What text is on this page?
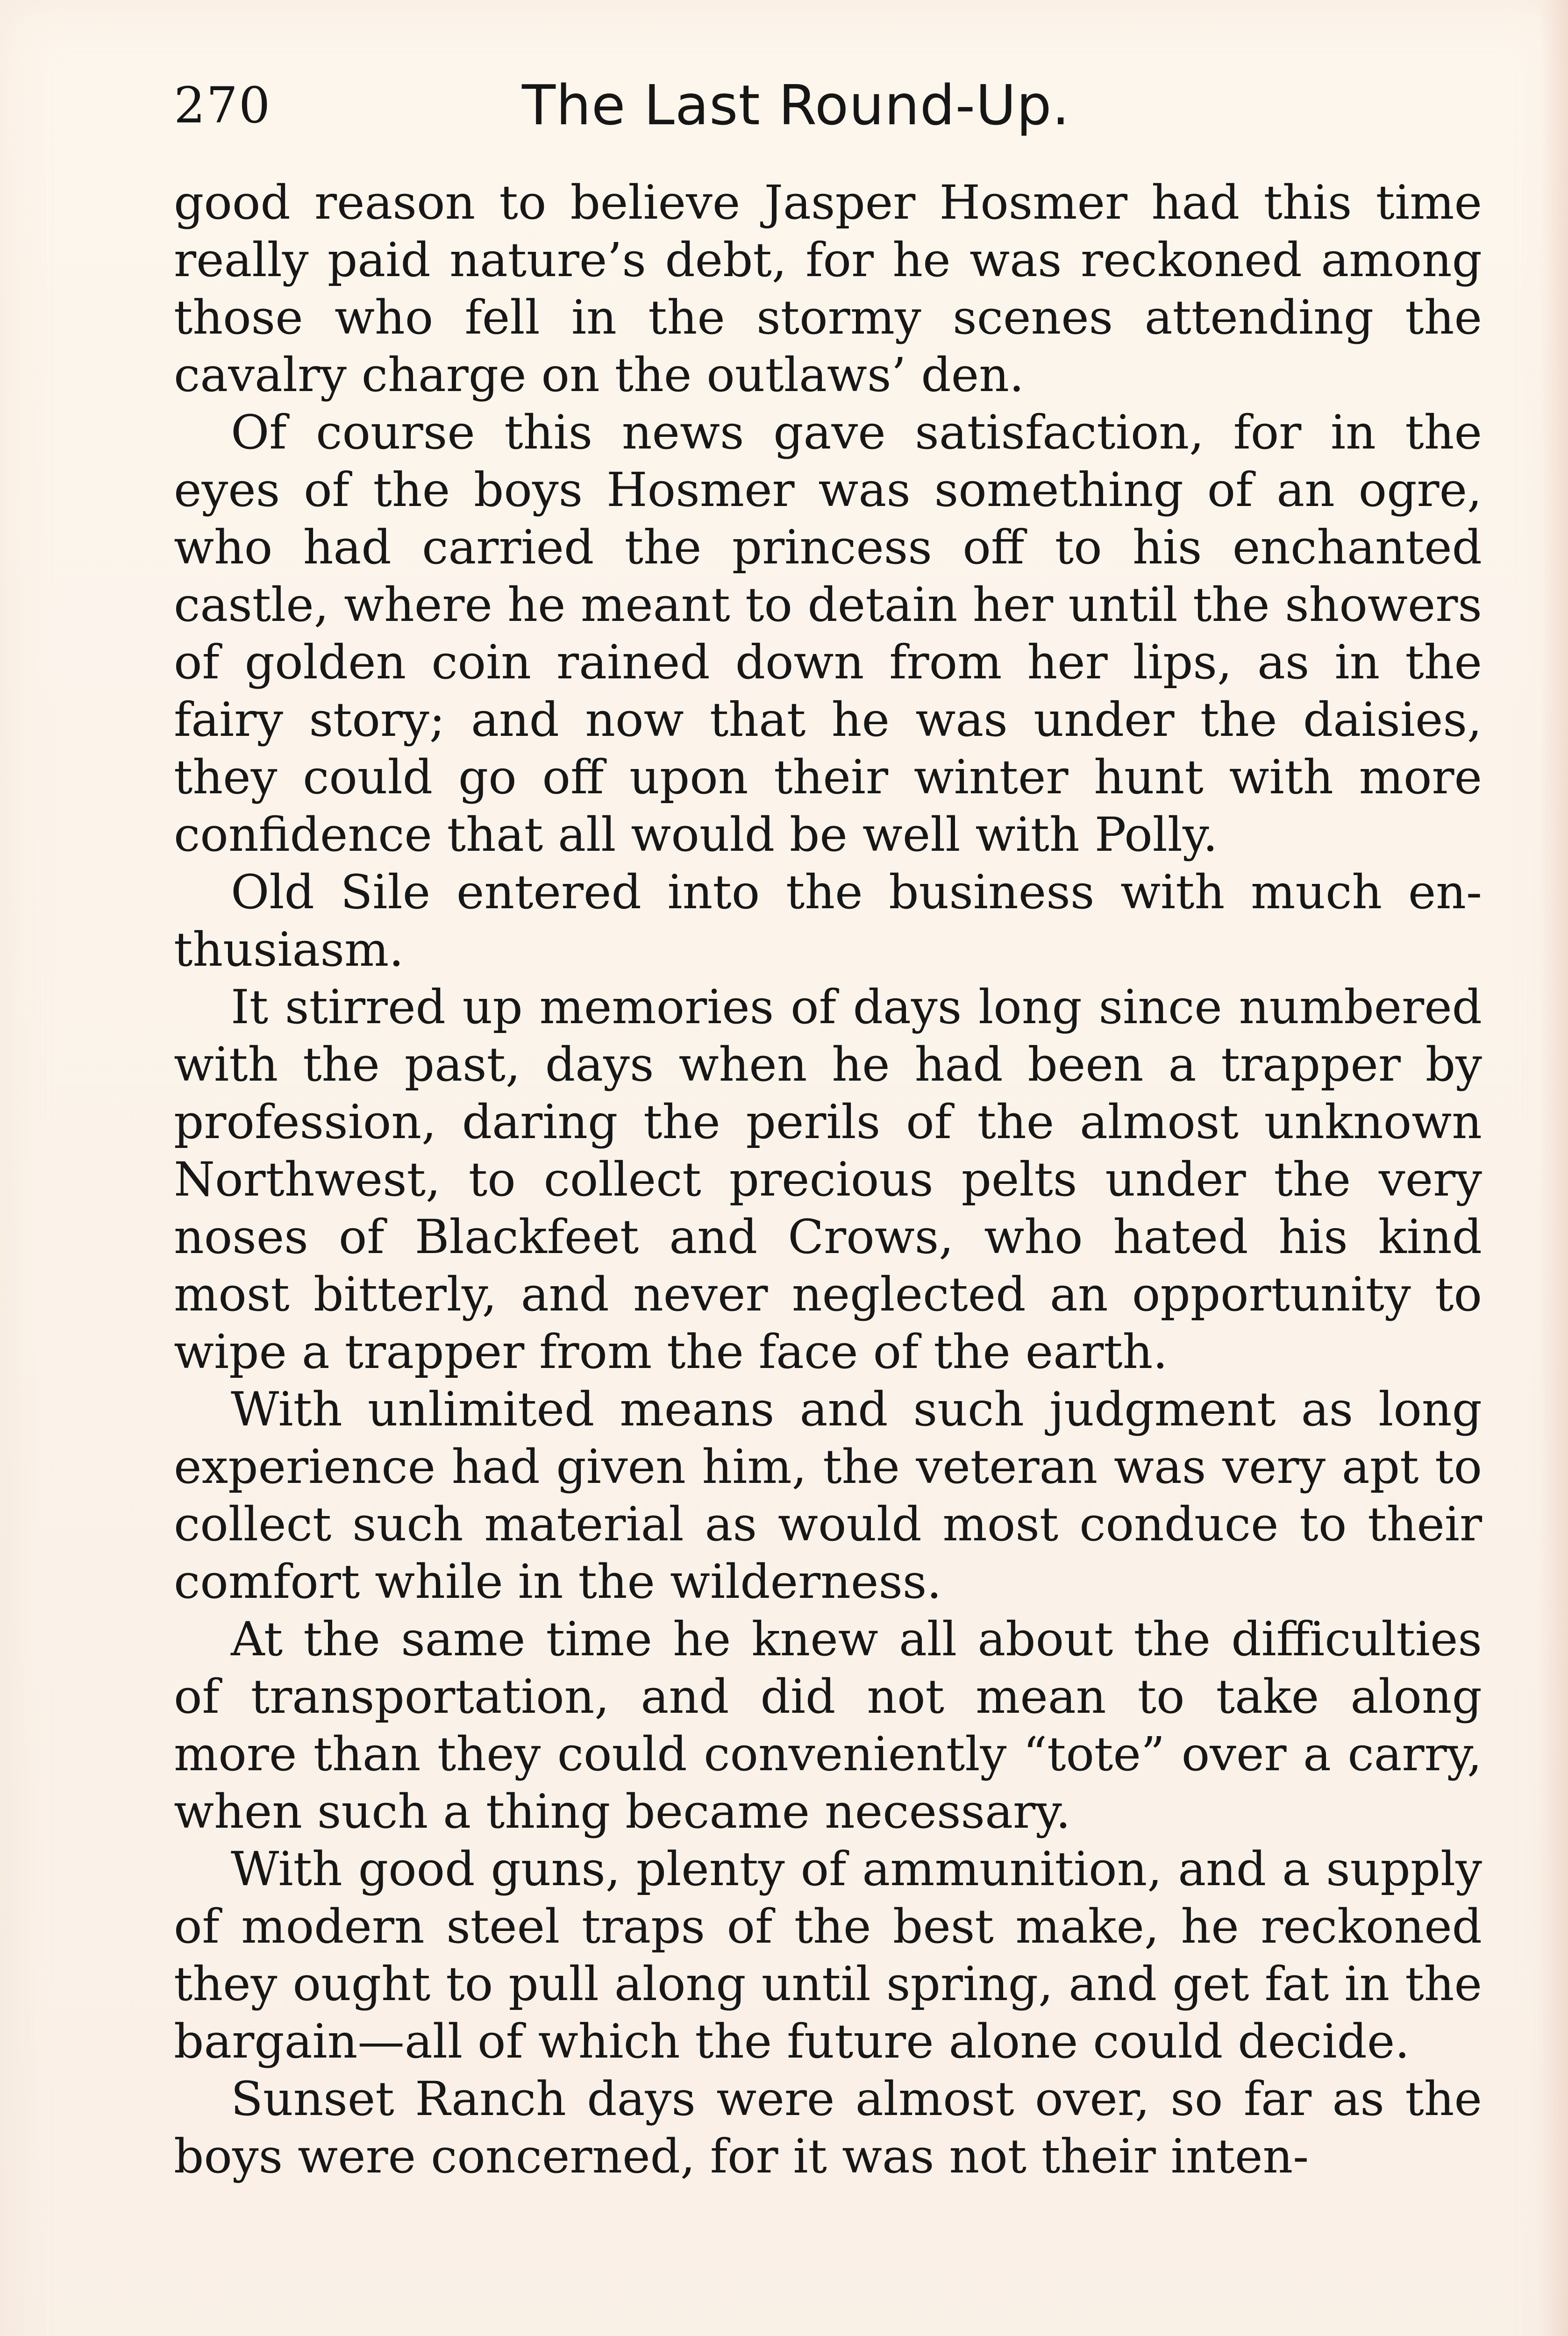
270	The Last Round-Up.

good reason to believe Jasper Hosmer had this time really paid nature’s debt, for he was reckoned among those who fell in the stormy scenes attending the cavalry charge on the outlaws’ den.

Of course this news gave satisfaction, for in the eyes of the boys Hosmer was something of an ogre, who had carried the princess off to his enchanted castle, where he meant to detain her until the showers of golden coin rained down from her lips, as in the fairy story; and now that he was under the daisies, they could go off upon their winter hunt with more confidence that all would be well with Polly.

Old Sile entered into the business with much enthusiasm.

It stirred up memories of days long since numbered with the past, days when he had been a trapper by profession, daring the perils of the almost unknown Northwest, to collect precious pelts under the very noses of Blackfeet and Crows, who hated his kind most bitterly, and never neglected an opportunity to wipe a trapper from the face of the earth.

With unlimited means and such judgment as long experience had given him, the veteran was very apt to collect such material as would most conduce to their comfort while in the wilderness.

At the same time he knew all about the difficulties of transportation, and did not mean to take along more than they could conveniently “tote” over a carry, when such a thing became necessary.

With good guns, plenty of ammunition, and a supply of modern steel traps of the best make, he reckoned they ought to pull along until spring, and get fat in the bargain—all of which the future alone could decide.

Sunset Ranch days were almost over, so far as the boys were concerned, for it was not their inten-
